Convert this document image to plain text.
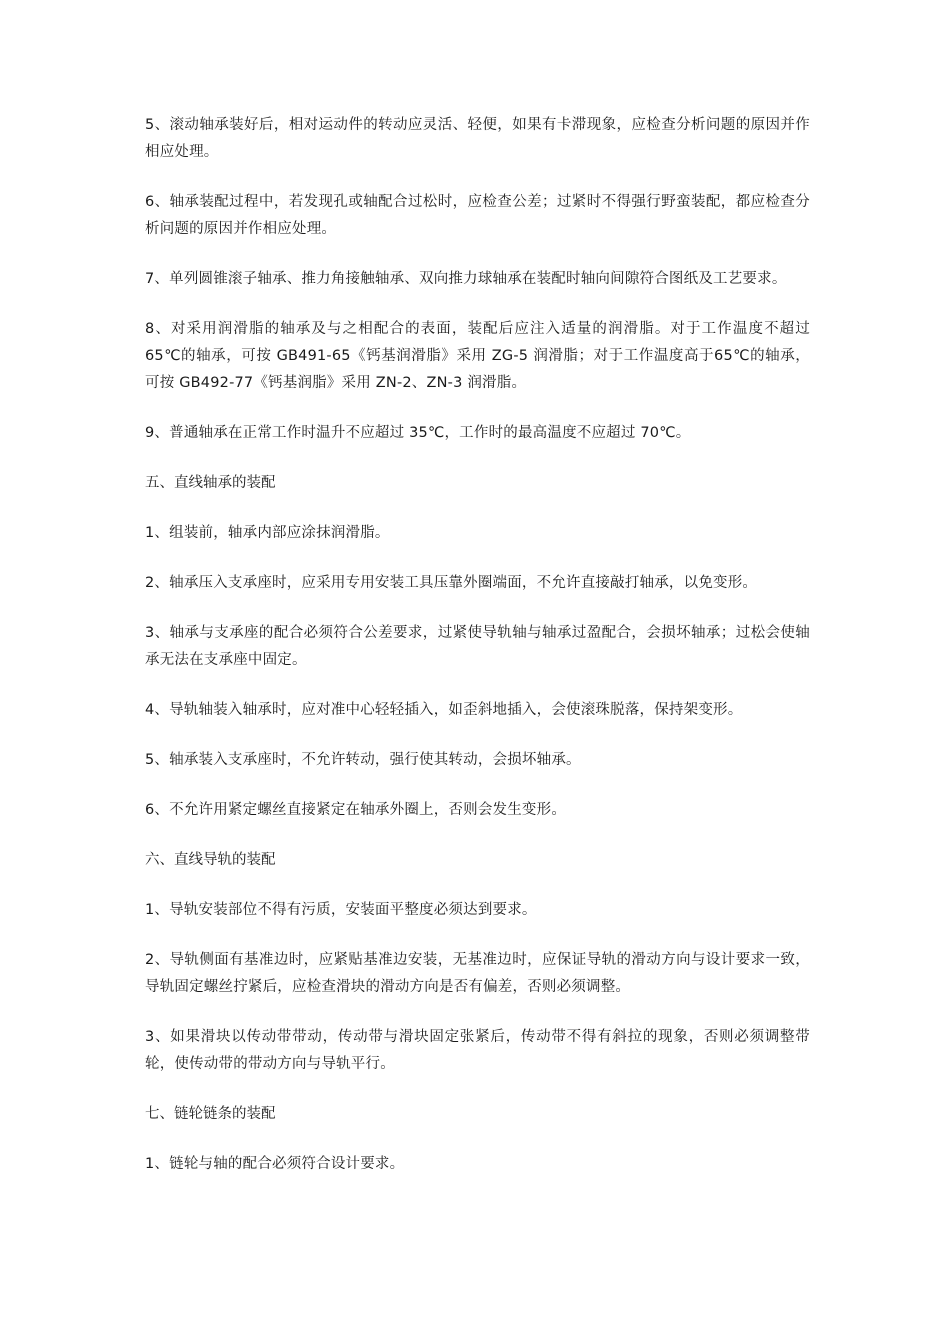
5、滚动轴承装好后，相对运动件的转动应灵活、轻便，如果有卡滞现象，应检查分析问题的原因并作相应处理。

6、轴承装配过程中，若发现孔或轴配合过松时，应检查公差；过紧时不得强行野蛮装配，都应检查分析问题的原因并作相应处理。

7、单列圆锥滚子轴承、推力角接触轴承、双向推力球轴承在装配时轴向间隙符合图纸及工艺要求。

8、对采用润滑脂的轴承及与之相配合的表面，装配后应注入适量的润滑脂。对于工作温度不超过 65℃的轴承，可按 GB491-65《钙基润滑脂》采用 ZG-5 润滑脂；对于工作温度高于65℃的轴承，可按 GB492-77《钙基润脂》采用 ZN-2、ZN-3 润滑脂。

9、普通轴承在正常工作时温升不应超过 35℃，工作时的最高温度不应超过 70℃。

五、直线轴承的装配

1、组装前，轴承内部应涂抹润滑脂。

2、轴承压入支承座时，应采用专用安装工具压靠外圈端面，不允许直接敲打轴承，以免变形。

3、轴承与支承座的配合必须符合公差要求，过紧使导轨轴与轴承过盈配合，会损坏轴承；过松会使轴承无法在支承座中固定。

4、导轨轴装入轴承时，应对准中心轻轻插入，如歪斜地插入，会使滚珠脱落，保持架变形。

5、轴承装入支承座时，不允许转动，强行使其转动，会损坏轴承。

6、不允许用紧定螺丝直接紧定在轴承外圈上，否则会发生变形。

六、直线导轨的装配

1、导轨安装部位不得有污质，安装面平整度必须达到要求。

2、导轨侧面有基准边时，应紧贴基准边安装，无基准边时，应保证导轨的滑动方向与设计要求一致，导轨固定螺丝拧紧后，应检查滑块的滑动方向是否有偏差，否则必须调整。

3、如果滑块以传动带带动，传动带与滑块固定张紧后，传动带不得有斜拉的现象，否则必须调整带轮，使传动带的带动方向与导轨平行。

七、链轮链条的装配

1、链轮与轴的配合必须符合设计要求。
